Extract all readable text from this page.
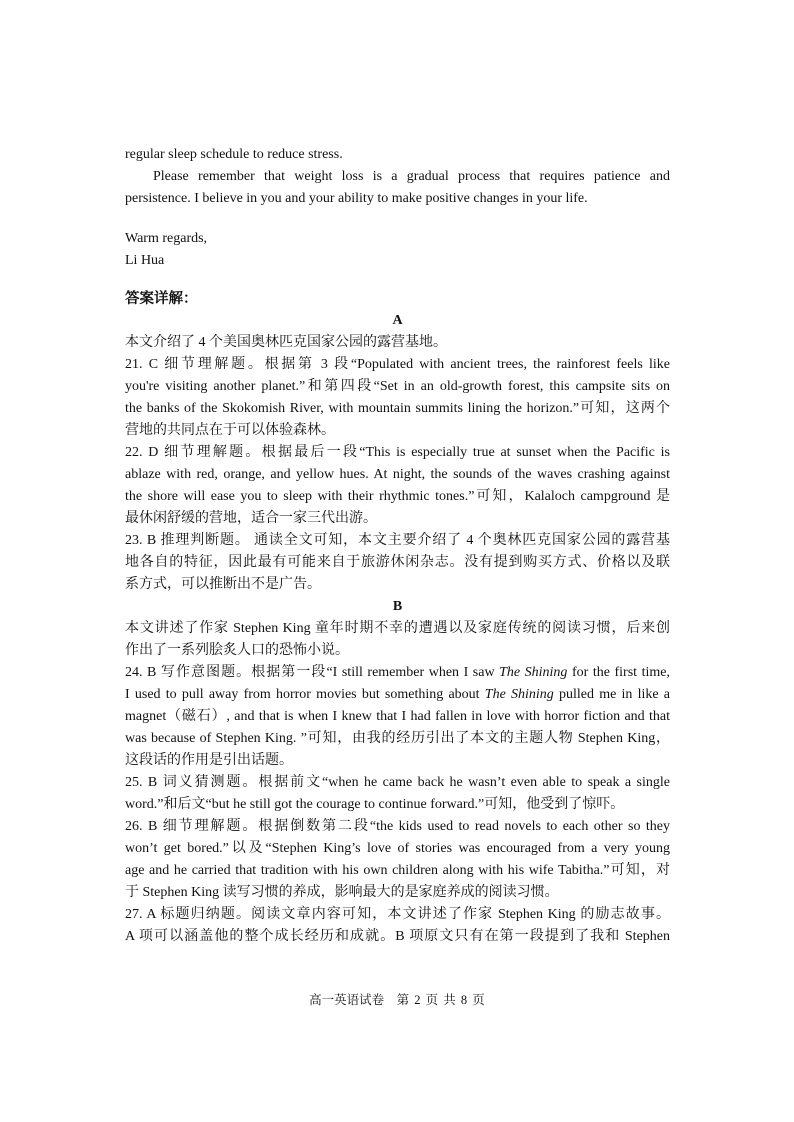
regular sleep schedule to reduce stress.
Please remember that weight loss is a gradual process that requires patience and
persistence. I believe in you and your ability to make positive changes in your life.
Warm regards,
Li Hua
答案详解：
A
本文介绍了 4 个美国奥林匹克国家公园的露营基地。
21. C 细节理解题。根据第 3 段“Populated with ancient trees, the rainforest feels like
you're visiting another planet.”和第四段“Set in an old-growth forest, this campsite sits on
the banks of the Skokomish River, with mountain summits lining the horizon.”可知，这两个
营地的共同点在于可以体验森林。
22. D 细节理解题。根据最后一段“This is especially true at sunset when the Pacific is
ablaze with red, orange, and yellow hues. At night, the sounds of the waves crashing against
the shore will ease you to sleep with their rhythmic tones.”可知，Kalaloch campground 是
最休闲舒缓的营地，适合一家三代出游。
23. B 推理判断题。 通读全文可知，本文主要介绍了 4 个奥林匹克国家公园的露营基
地各自的特征，因此最有可能来自于旅游休闲杂志。没有提到购买方式、价格以及联
系方式，可以推断出不是广告。
B
本文讲述了作家 Stephen King 童年时期不幸的遭遇以及家庭传统的阅读习惯，后来创
作出了一系列脍炙人口的恐怖小说。
24. B 写作意图题。根据第一段“I still remember when I saw The Shining for the first time,
I used to pull away from horror movies but something about The Shining pulled me in like a
magnet（磁石）, and that is when I knew that I had fallen in love with horror fiction and that
was because of Stephen King. ”可知，由我的经历引出了本文的主题人物 Stephen King，
这段话的作用是引出话题。
25. B 词义猜测题。根据前文“when he came back he wasn’t even able to speak a single
word.”和后文“but he still got the courage to continue forward.”可知，他受到了惊吓。
26. B 细节理解题。根据倒数第二段“the kids used to read novels to each other so they
won’t get bored.”以及“Stephen King’s love of stories was encouraged from a very young
age and he carried that tradition with his own children along with his wife Tabitha.”可知，对
于 Stephen King 读写习惯的养成，影响最大的是家庭养成的阅读习惯。
27. A 标题归纳题。阅读文章内容可知，本文讲述了作家 Stephen King 的励志故事。
A 项可以涵盖他的整个成长经历和成就。B 项原文只有在第一段提到了我和 Stephen
高一英语试卷　第 2 页 共 8 页
